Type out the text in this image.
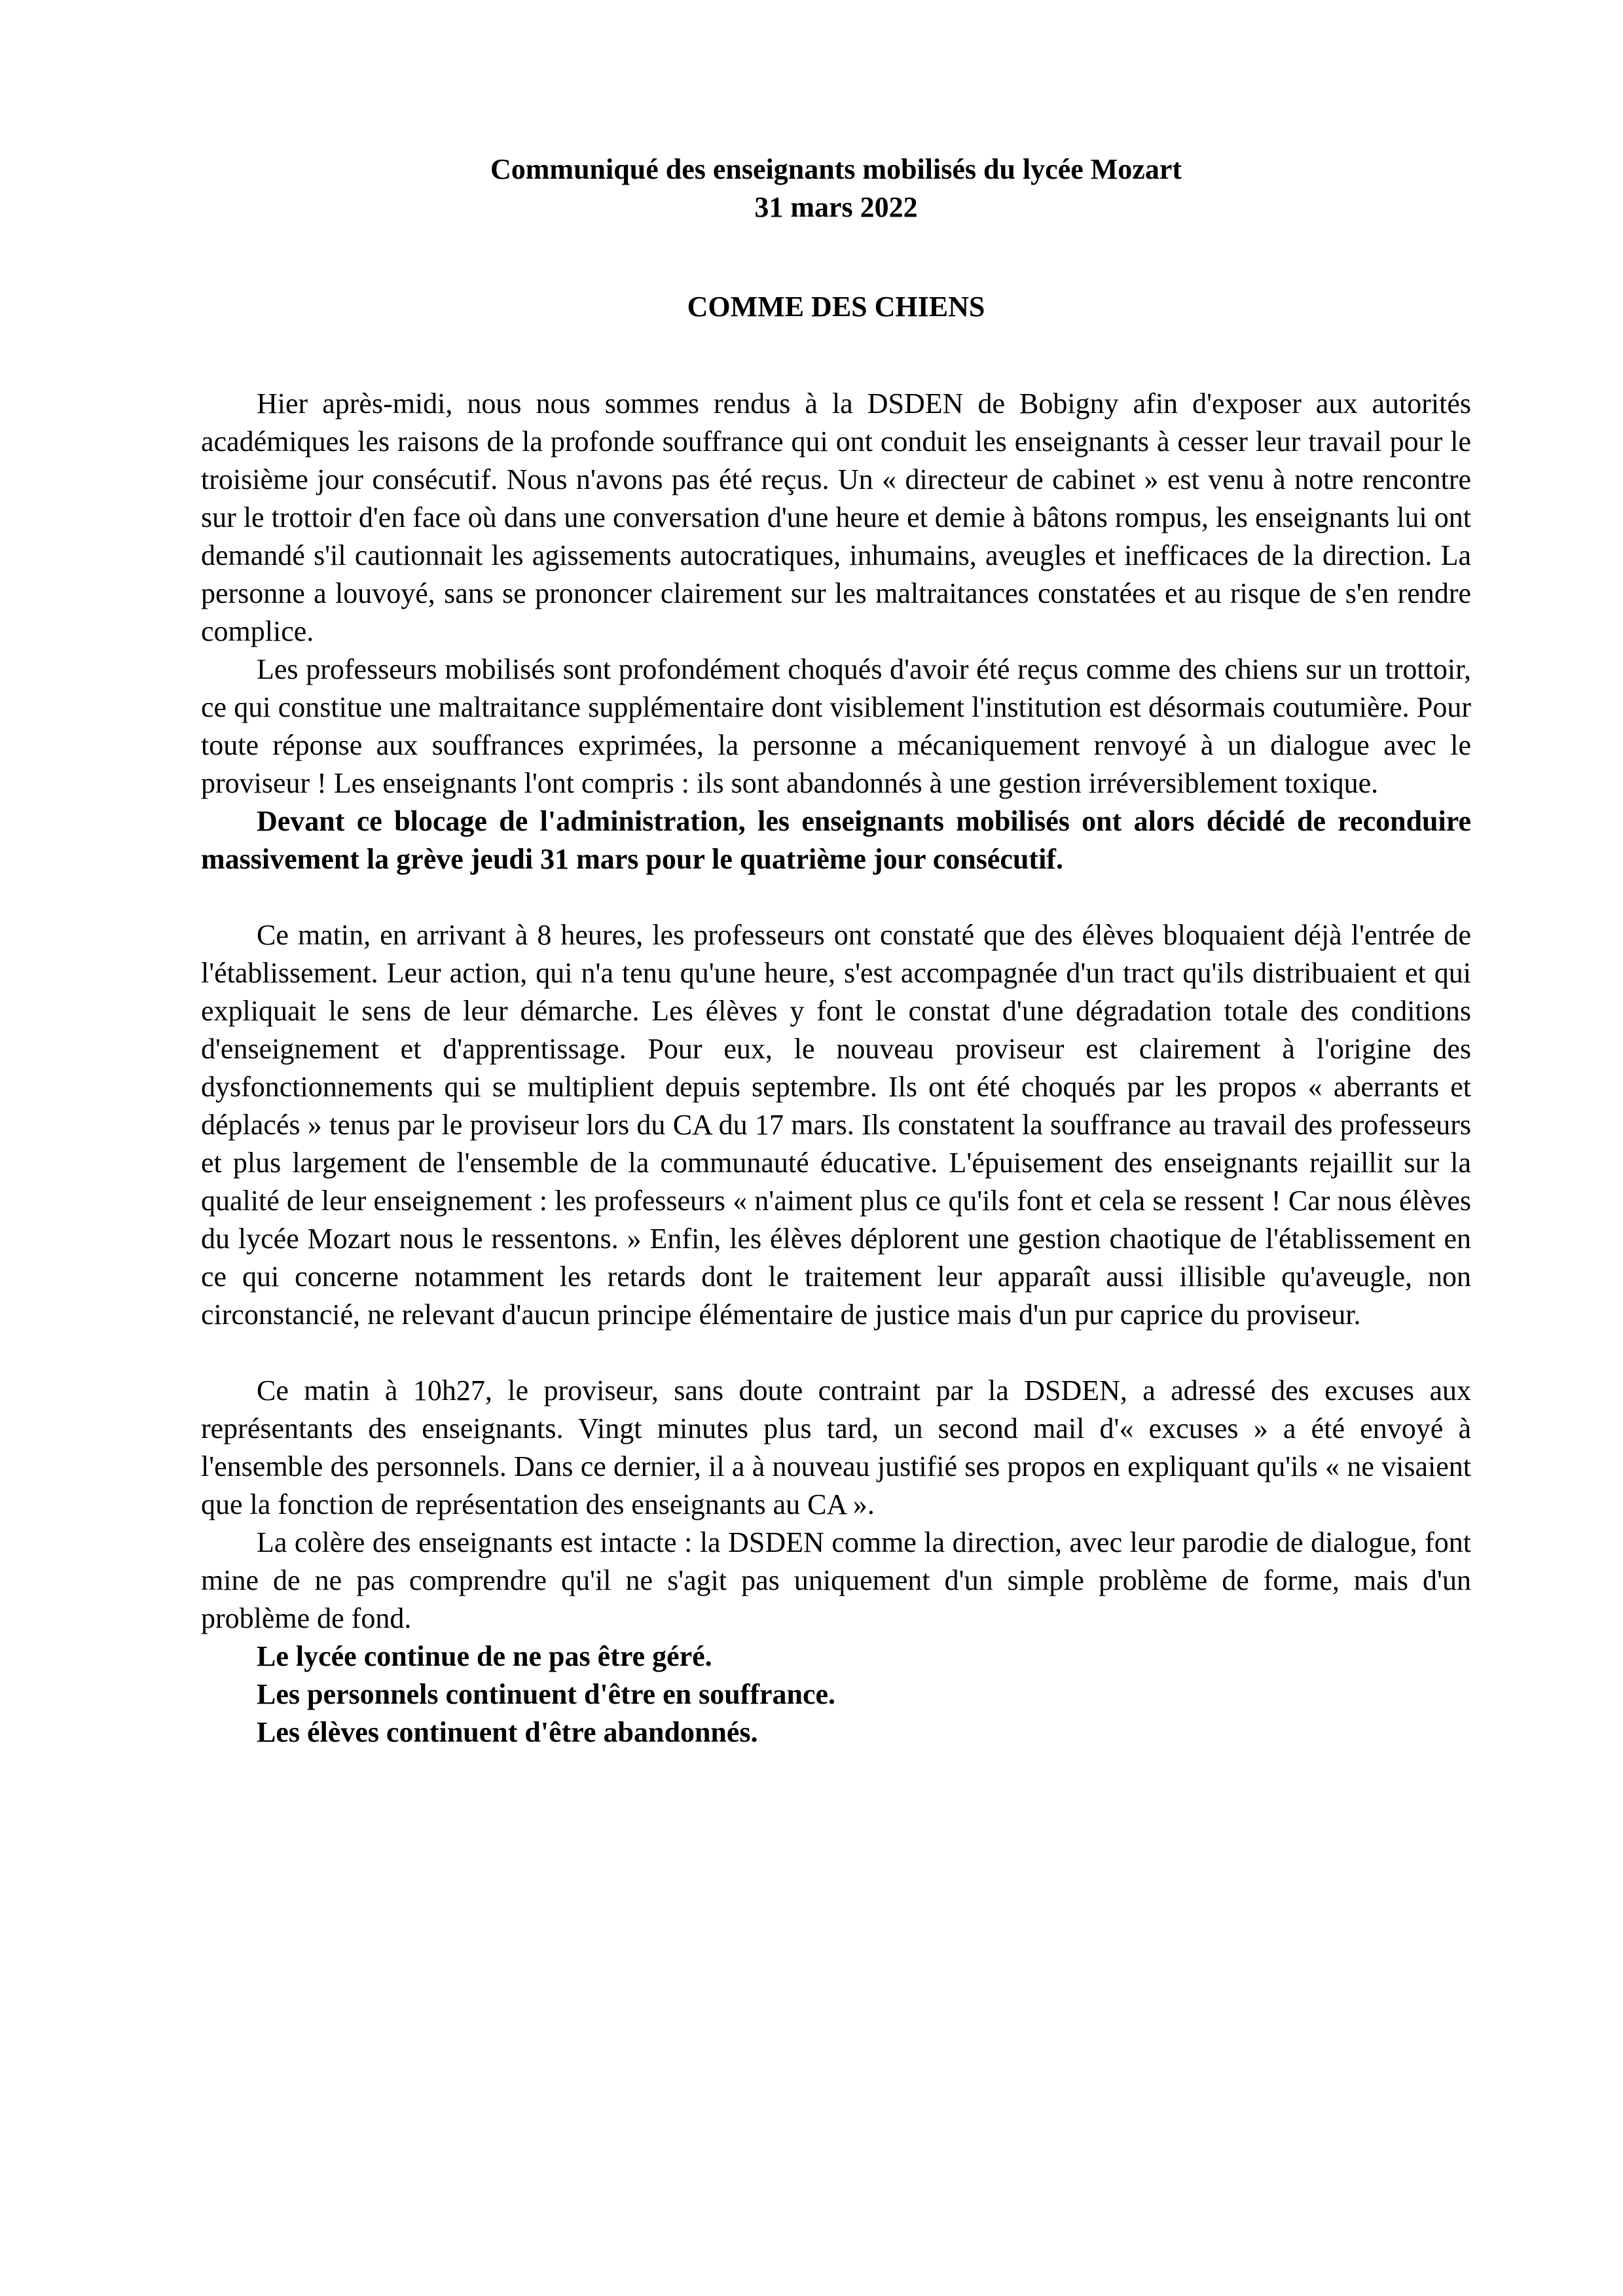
Communiqué des enseignants mobilisés du lycée Mozart
31 mars 2022
COMME DES CHIENS

Hier après-midi, nous nous sommes rendus à la DSDEN de Bobigny afin d'exposer aux autorités académiques les raisons de la profonde souffrance qui ont conduit les enseignants à cesser leur travail pour le troisième jour consécutif. Nous n'avons pas été reçus. Un « directeur de cabinet » est venu à notre rencontre sur le trottoir d'en face où dans une conversation d'une heure et demie à bâtons rompus, les enseignants lui ont demandé s'il cautionnait les agissements autocratiques, inhumains, aveugles et inefficaces de la direction. La personne a louvoyé, sans se prononcer clairement sur les maltraitances constatées et au risque de s'en rendre complice.

Les professeurs mobilisés sont profondément choqués d'avoir été reçus comme des chiens sur un trottoir, ce qui constitue une maltraitance supplémentaire dont visiblement l'institution est désormais coutumière. Pour toute réponse aux souffrances exprimées, la personne a mécaniquement renvoyé à un dialogue avec le proviseur ! Les enseignants l'ont compris : ils sont abandonnés à une gestion irréversiblement toxique.

Devant ce blocage de l'administration, les enseignants mobilisés ont alors décidé de reconduire massivement la grève jeudi 31 mars pour le quatrième jour consécutif.

Ce matin, en arrivant à 8 heures, les professeurs ont constaté que des élèves bloquaient déjà l'entrée de l'établissement. Leur action, qui n'a tenu qu'une heure, s'est accompagnée d'un tract qu'ils distribuaient et qui expliquait le sens de leur démarche. Les élèves y font le constat d'une dégradation totale des conditions d'enseignement et d'apprentissage. Pour eux, le nouveau proviseur est clairement à l'origine des dysfonctionnements qui se multiplient depuis septembre. Ils ont été choqués par les propos « aberrants et déplacés » tenus par le proviseur lors du CA du 17 mars. Ils constatent la souffrance au travail des professeurs et plus largement de l'ensemble de la communauté éducative. L'épuisement des enseignants rejaillit sur la qualité de leur enseignement : les professeurs « n'aiment plus ce qu'ils font et cela se ressent ! Car nous élèves du lycée Mozart nous le ressentons. » Enfin, les élèves déplorent une gestion chaotique de l'établissement en ce qui concerne notamment les retards dont le traitement leur apparaît aussi illisible qu'aveugle, non circonstancié, ne relevant d'aucun principe élémentaire de justice mais d'un pur caprice du proviseur.

Ce matin à 10h27, le proviseur, sans doute contraint par la DSDEN, a adressé des excuses aux représentants des enseignants. Vingt minutes plus tard, un second mail d'« excuses » a été envoyé à l'ensemble des personnels. Dans ce dernier, il a à nouveau justifié ses propos en expliquant qu'ils « ne visaient que la fonction de représentation des enseignants au CA ».

La colère des enseignants est intacte : la DSDEN comme la direction, avec leur parodie de dialogue, font mine de ne pas comprendre qu'il ne s'agit pas uniquement d'un simple problème de forme, mais d'un problème de fond.

Le lycée continue de ne pas être géré.

Les personnels continuent d'être en souffrance.

Les élèves continuent d'être abandonnés.
